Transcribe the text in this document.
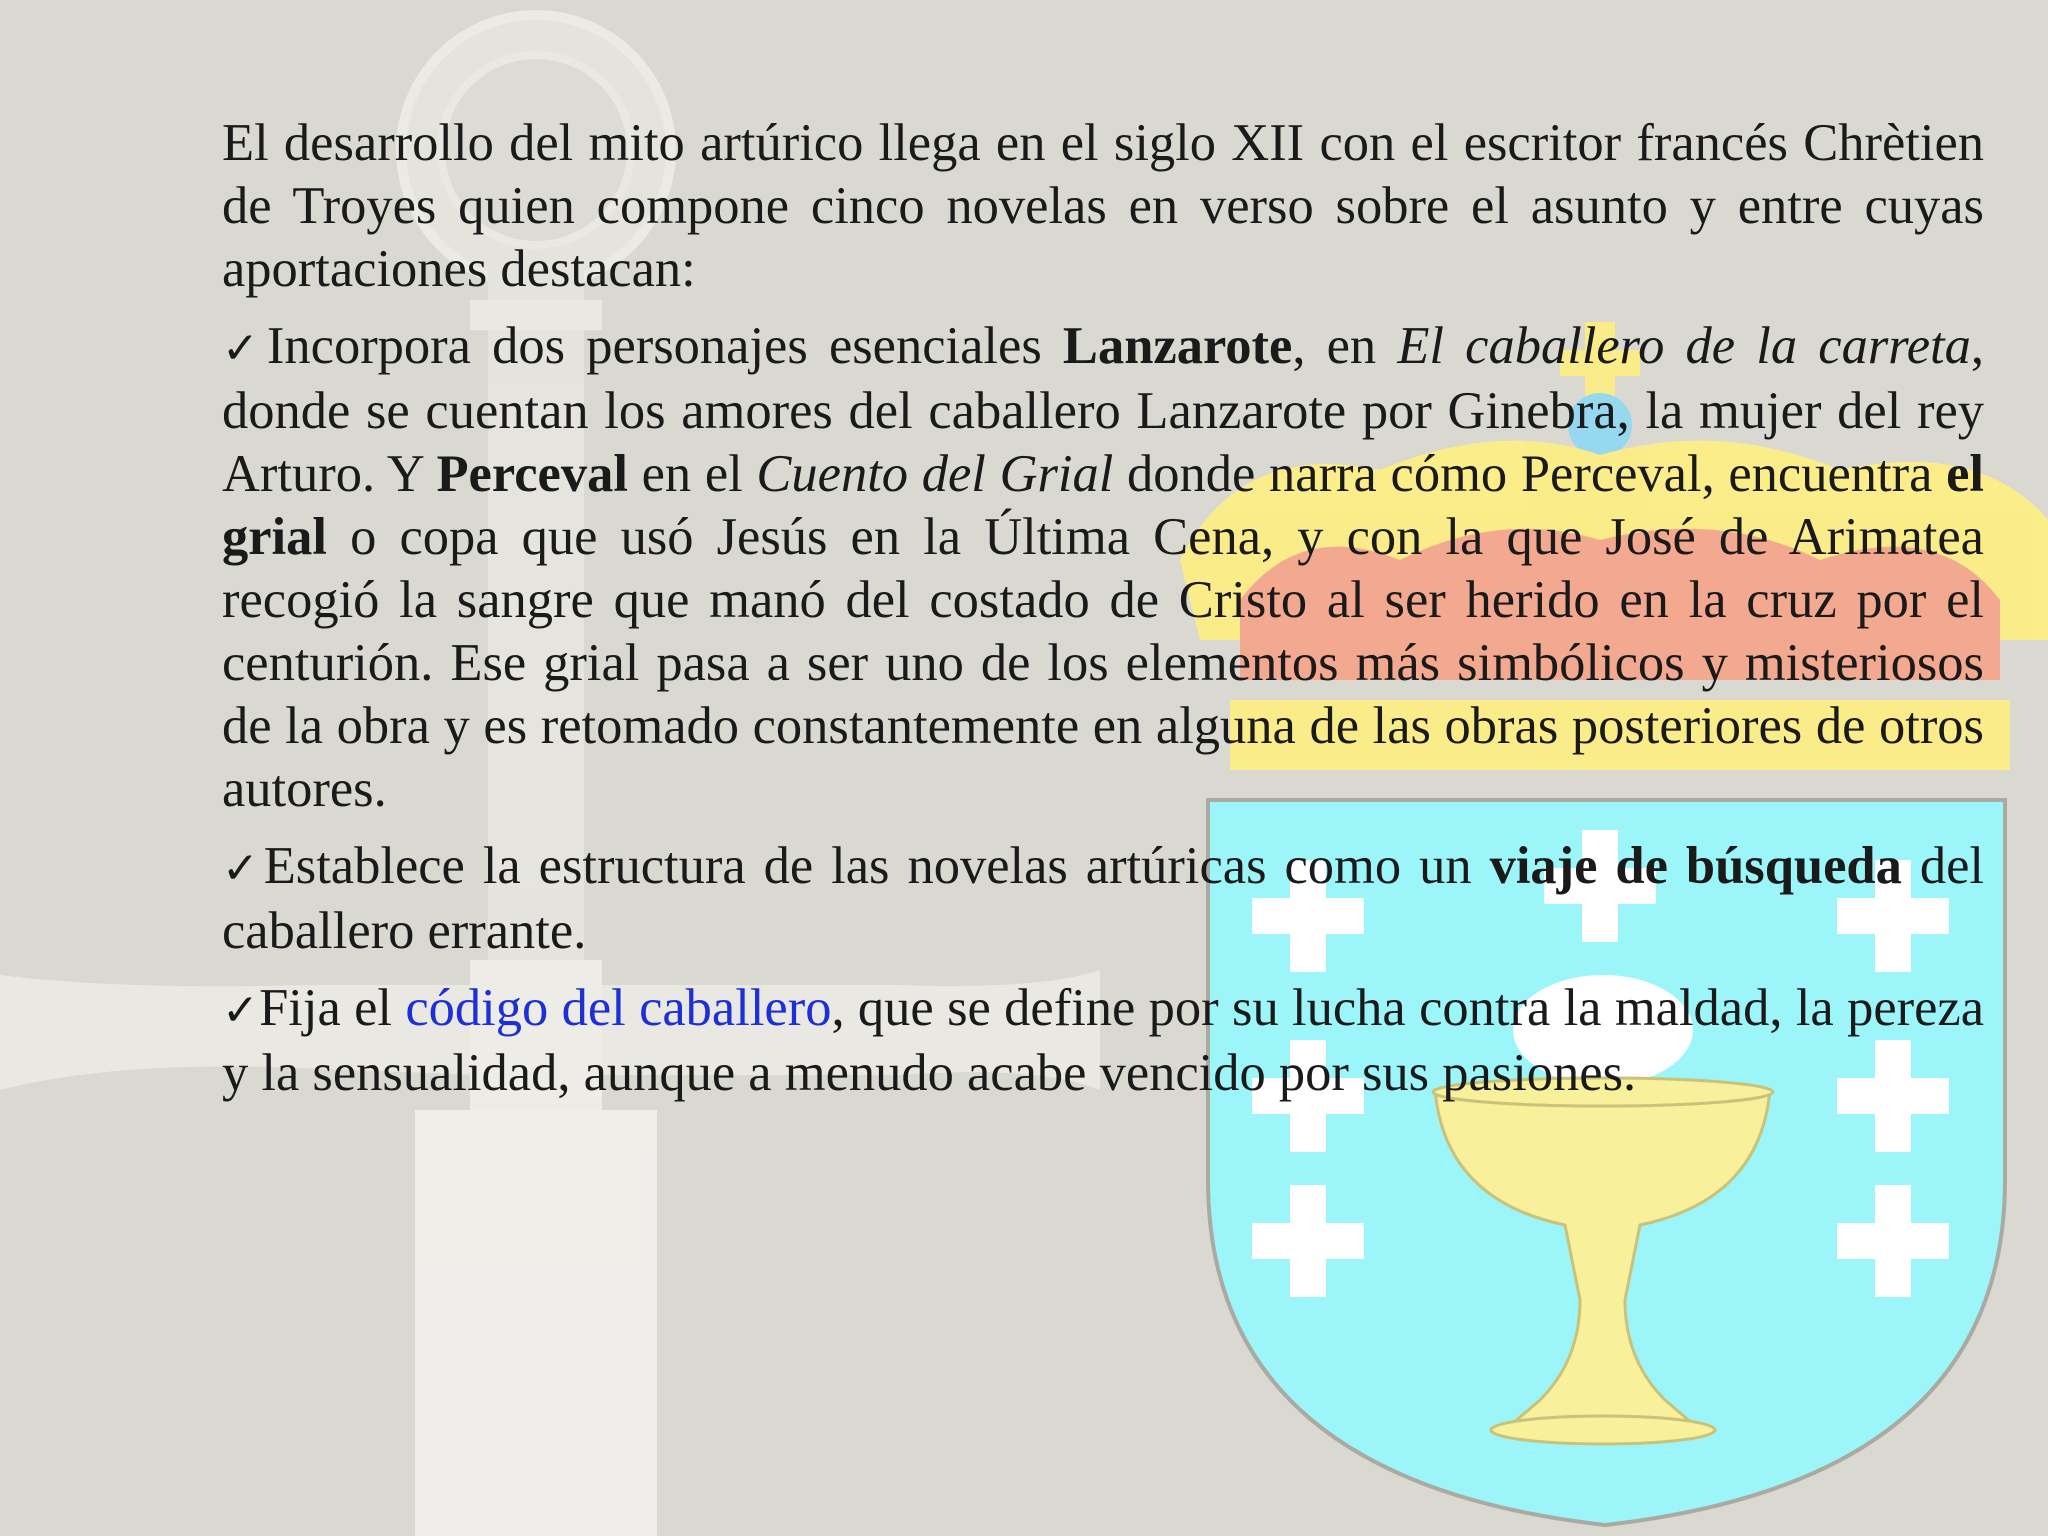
El desarrollo del mito artúrico llega en el siglo XII con el escritor francés Chrètien de Troyes quien compone cinco novelas en verso sobre el asunto y entre cuyas aportaciones destacan:

✓Incorpora dos personajes esenciales Lanzarote, en El caballero de la carreta, donde se cuentan los amores del caballero Lanzarote por Ginebra, la mujer del rey Arturo. Y Perceval en el Cuento del Grial donde narra cómo Perceval, encuentra el grial o copa que usó Jesús en la Última Cena, y con la que José de Arimatea recogió la sangre que manó del costado de Cristo al ser herido en la cruz por el centurión. Ese grial pasa a ser uno de los elementos más simbólicos y misteriosos de la obra y es retomado constantemente en alguna de las obras posteriores de otros autores.

✓Establece la estructura de las novelas artúricas como un viaje de búsqueda del caballero errante.

✓Fija el código del caballero, que se define por su lucha contra la maldad, la pereza y la sensualidad, aunque a menudo acabe vencido por sus pasiones.
